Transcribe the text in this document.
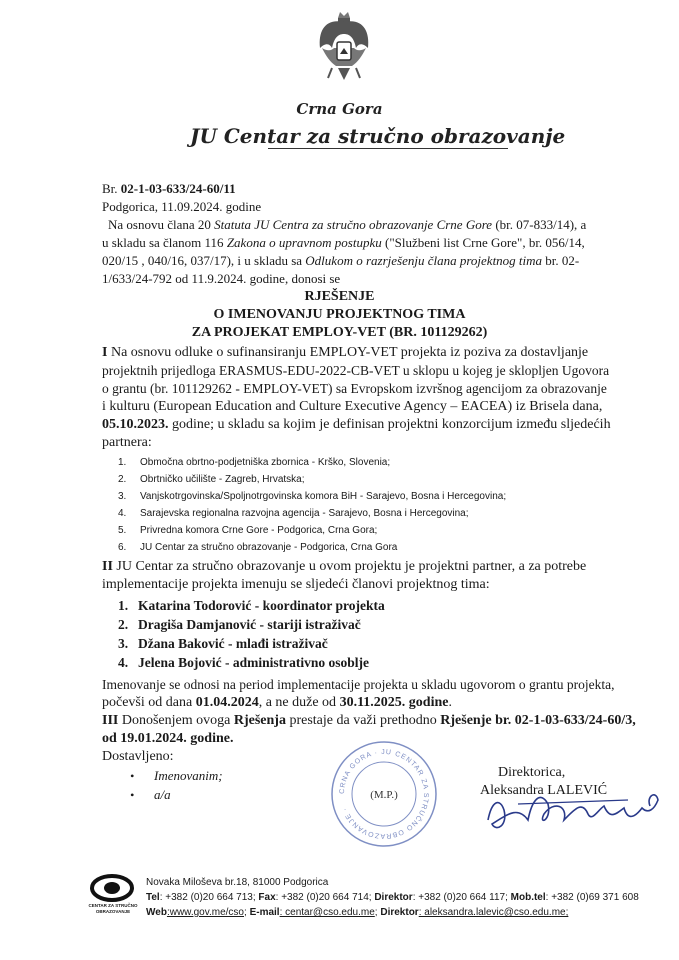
Crna Gora
JU Centar za stručno obrazovanje
Br. 02-1-03-633/24-60/11
Podgorica, 11.09.2024. godine
Na osnovu člana 20 Statuta JU Centra za stručno obrazovanje Crne Gore (br. 07-833/14), a
u skladu sa članom 116 Zakona o upravnom postupku ("Službeni list Crne Gore", br. 056/14,
020/15 , 040/16, 037/17), i u skladu sa Odlukom o razrješenju člana projektnog tima br. 02-
1/633/24-792 od 11.9.2024. godine, donosi se
RJEŠENJE
O IMENOVANJU PROJEKTNOG TIMA
ZA PROJEKAT EMPLOY-VET (BR. 101129262)
I Na osnovu odluke o sufinansiranju EMPLOY-VET projekta iz poziva za dostavljanje
projektnih prijedloga ERASMUS-EDU-2022-CB-VET u sklopu u kojeg je sklopljen Ugovora
o grantu (br. 101129262 - EMPLOY-VET) sa Evropskom izvršnog agencijom za obrazovanje
i kulturu (European Education and Culture Executive Agency – EACEA) iz Brisela dana,
05.10.2023. godine; u skladu sa kojim je definisan projektni konzorcijum između sljedećih
partnera:
1. Območna obrtno-podjetniška zbornica - Krško, Slovenia;
2. Obrtničko učilište - Zagreb, Hrvatska;
3. Vanjskotrgovinska/Spoljnotrgovinska komora BiH - Sarajevo, Bosna i Hercegovina;
4. Sarajevska regionalna razvojna agencija - Sarajevo, Bosna i Hercegovina;
5. Privredna komora Crne Gore - Podgorica, Crna Gora;
6. JU Centar za stručno obrazovanje - Podgorica, Crna Gora
II JU Centar za stručno obrazovanje u ovom projektu je projektni partner, a za potrebe
implementacije projekta imenuju se sljedeći članovi projektnog tima:
1. Katarina Todorović - koordinator projekta
2. Dragiša Damjanović - stariji istraživač
3. Džana Baković - mlađi istraživač
4. Jelena Bojović - administrativno osoblje
Imenovanje se odnosi na period implementacije projekta u skladu ugovorom o grantu projekta,
počevši od dana 01.04.2024, a ne duže od 30.11.2025. godine.
III Donošenjem ovoga Rješenja prestaje da važi prethodno Rješenje br. 02-1-03-633/24-60/3,
od 19.01.2024. godine.
Dostavljeno:
• Imenovanim;
• a/a	CRNA GORA · JU CENTAR ZA STRUČNO OBRAZOVANJE ·
(M.P.)
Direktorica,
Aleksandra LALEVIĆ
CENTAR ZA STRUČNO OBRAZOVANJE
Novaka Miloševa br.18, 81000 Podgorica
Tel: +382 (0)20 664 713; Fax: +382 (0)20 664 714; Direktor: +382 (0)20 664 117; Mob.tel: +382 (0)69 371 608
Web:www.gov.me/cso; E-mail: centar@cso.edu.me; Direktor: aleksandra.lalevic@cso.edu.me;
